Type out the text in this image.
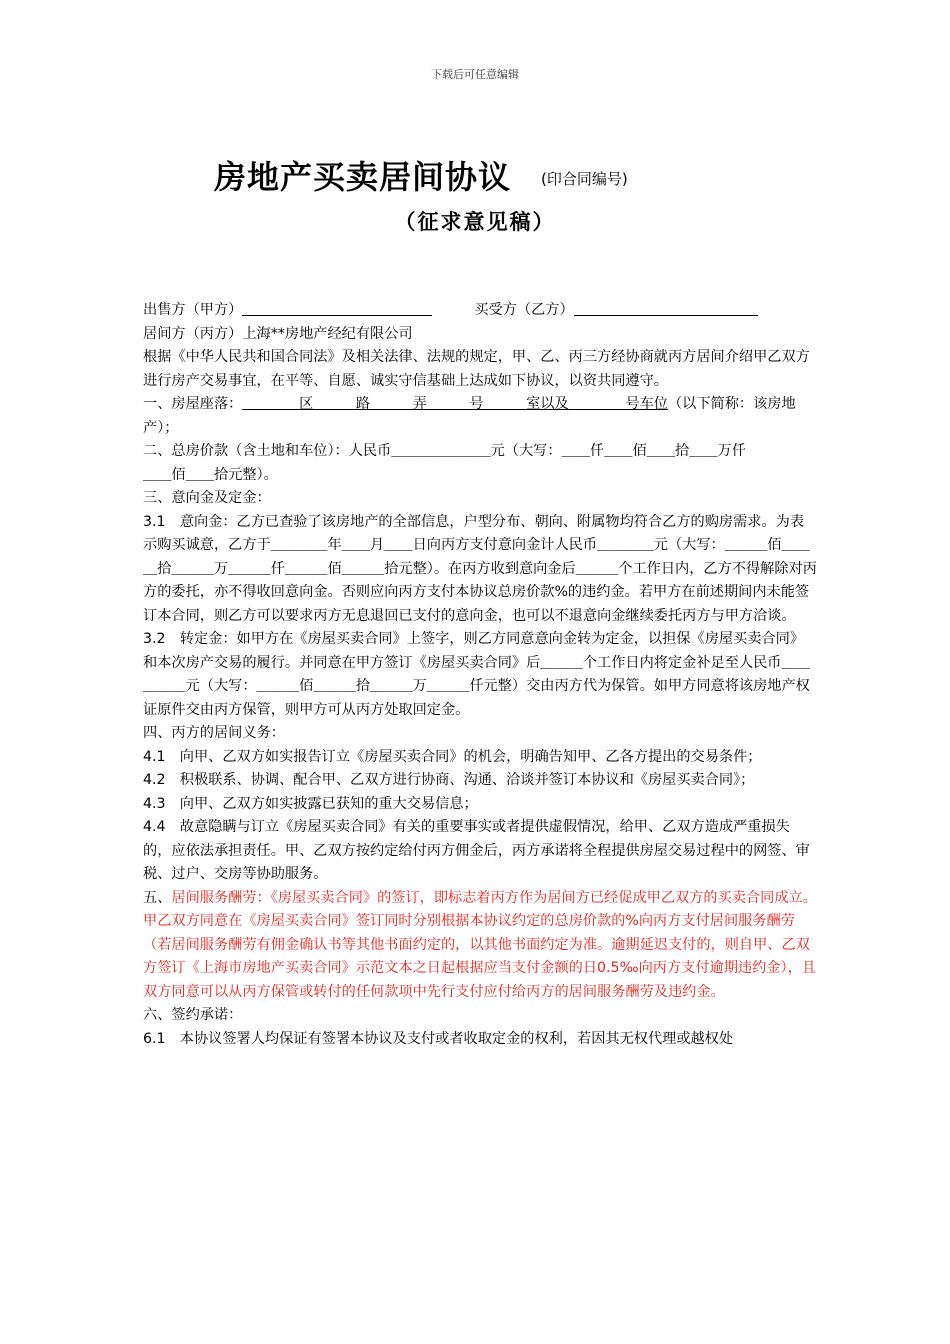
下载后可任意编辑
房地产买卖居间协议 (印合同编号)
（征求意见稿）

出售方（甲方）	买受方（乙方）

居间方（丙方）上海**房地产经纪有限公司

根据《中华人民共和国合同法》及相关法律、法规的规定，甲、乙、丙三方经协商就丙方居间介绍甲乙双方进行房产交易事宜，在平等、自愿、诚实守信基础上达成如下协议，以资共同遵守。

一、房屋座落：＿＿＿＿区＿＿＿路＿＿＿弄＿＿＿号＿＿＿室以及＿＿＿＿号车位（以下简称：该房地产）；

二、总房价款（含土地和车位）：人民币＿＿＿＿＿＿＿元（大写：＿＿仟＿＿佰＿＿拾＿＿万仟

＿＿佰＿＿拾元整）。

三、意向金及定金：

3.1　意向金：乙方已查验了该房地产的全部信息，户型分布、朝向、附属物均符合乙方的购房需求。为表示购买诚意，乙方于＿＿＿＿年＿＿月＿＿日向丙方支付意向金计人民币＿＿＿＿元（大写：＿＿＿佰＿＿＿拾＿＿＿万＿＿＿仟＿＿＿佰＿＿＿拾元整）。在丙方收到意向金后＿＿＿个工作日内，乙方不得解除对丙方的委托，亦不得收回意向金。否则应向丙方支付本协议总房价款%的违约金。若甲方在前述期间内未能签订本合同，则乙方可以要求丙方无息退回已支付的意向金，也可以不退意向金继续委托丙方与甲方洽谈。

3.2　转定金：如甲方在《房屋买卖合同》上签字，则乙方同意意向金转为定金，以担保《房屋买卖合同》和本次房产交易的履行。并同意在甲方签订《房屋买卖合同》后＿＿＿个工作日内将定金补足至人民币＿＿＿＿＿元（大写：＿＿＿佰＿＿＿拾＿＿＿万＿＿＿仟元整）交由丙方代为保管。如甲方同意将该房地产权证原件交由丙方保管，则甲方可从丙方处取回定金。

四、丙方的居间义务：

4.1　向甲、乙双方如实报告订立《房屋买卖合同》的机会，明确告知甲、乙各方提出的交易条件；

4.2　积极联系、协调、配合甲、乙双方进行协商、沟通、洽谈并签订本协议和《房屋买卖合同》；

4.3　向甲、乙双方如实披露已获知的重大交易信息；

4.4　故意隐瞒与订立《房屋买卖合同》有关的重要事实或者提供虚假情况，给甲、乙双方造成严重损失的，应依法承担责任。甲、乙双方按约定给付丙方佣金后，丙方承诺将全程提供房屋交易过程中的网签、审税、过户、交房等协助服务。

五、居间服务酬劳：《房屋买卖合同》的签订，即标志着丙方作为居间方已经促成甲乙双方的买卖合同成立。甲乙双方同意在《房屋买卖合同》签订同时分别根据本协议约定的总房价款的%向丙方支付居间服务酬劳（若居间服务酬劳有佣金确认书等其他书面约定的，以其他书面约定为准。逾期延迟支付的，则自甲、乙双方签订《上海市房地产买卖合同》示范文本之日起根据应当支付金额的日0.5‰向丙方支付逾期违约金），且双方同意可以从丙方保管或转付的任何款项中先行支付应付给丙方的居间服务酬劳及违约金。

六、签约承诺：

6.1　本协议签署人均保证有签署本协议及支付或者收取定金的权利，若因其无权代理或越权处
